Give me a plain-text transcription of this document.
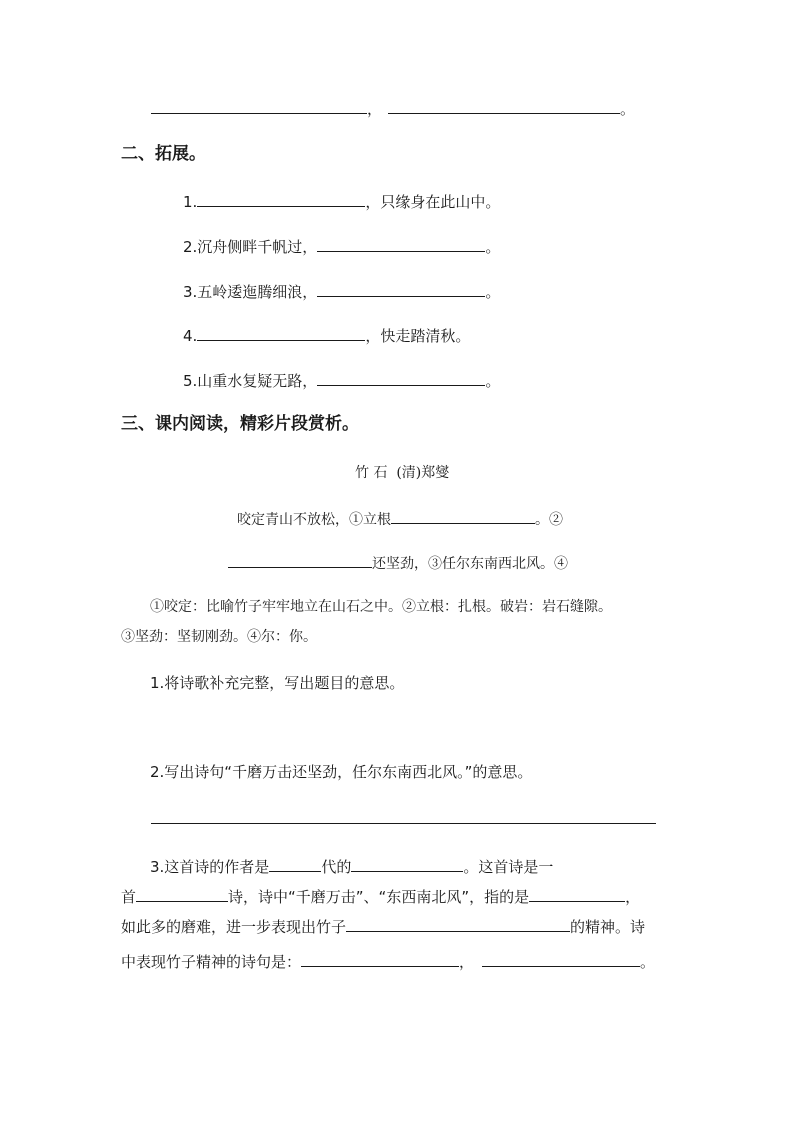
，	。
二、拓展。
1.	，只缘身在此山中。
2.沉舟侧畔千帆过，	。
3.五岭逶迤腾细浪，	。
4.	，快走踏清秋。
5.山重水复疑无路，	。
三、课内阅读，精彩片段赏析。
竹 石  (清)郑燮
咬定青山不放松，①立根	。②
还坚劲，③任尔东南西北风。④
①咬定：比喻竹子牢牢地立在山石之中。②立根：扎根。破岩：岩石缝隙。
③坚劲：坚韧刚劲。④尔：你。
1.将诗歌补充完整，写出题目的意思。
2.写出诗句“千磨万击还坚劲，任尔东南西北风。”的意思。
3.这首诗的作者是	代的	。这首诗是一
首	诗，诗中“千磨万击”、“东西南北风”，指的是	，
如此多的磨难，进一步表现出竹子	的精神。诗
中表现竹子精神的诗句是：	，	。
